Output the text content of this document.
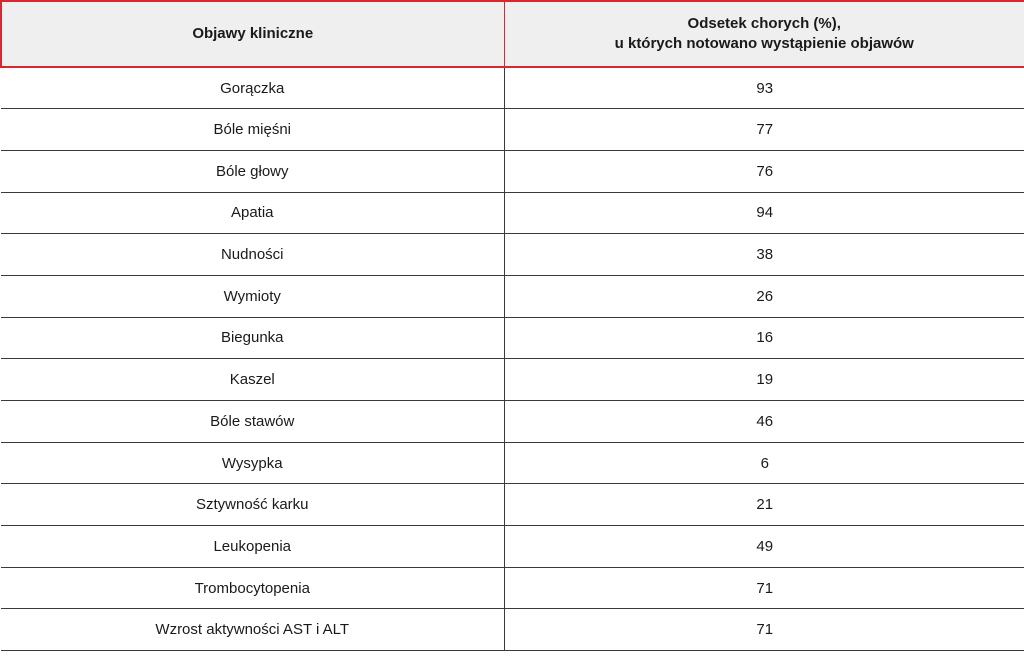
Objawy kliniczne	Odsetek chorych (%),
u których notowano wystąpienie objawów

Gorączka	93
Bóle mięśni	77
Bóle głowy	76
Apatia	94
Nudności	38
Wymioty	26
Biegunka	16
Kaszel	19
Bóle stawów	46
Wysypka	6
Sztywność karku	21
Leukopenia	49
Trombocytopenia	71
Wzrost aktywności AST i ALT	71
